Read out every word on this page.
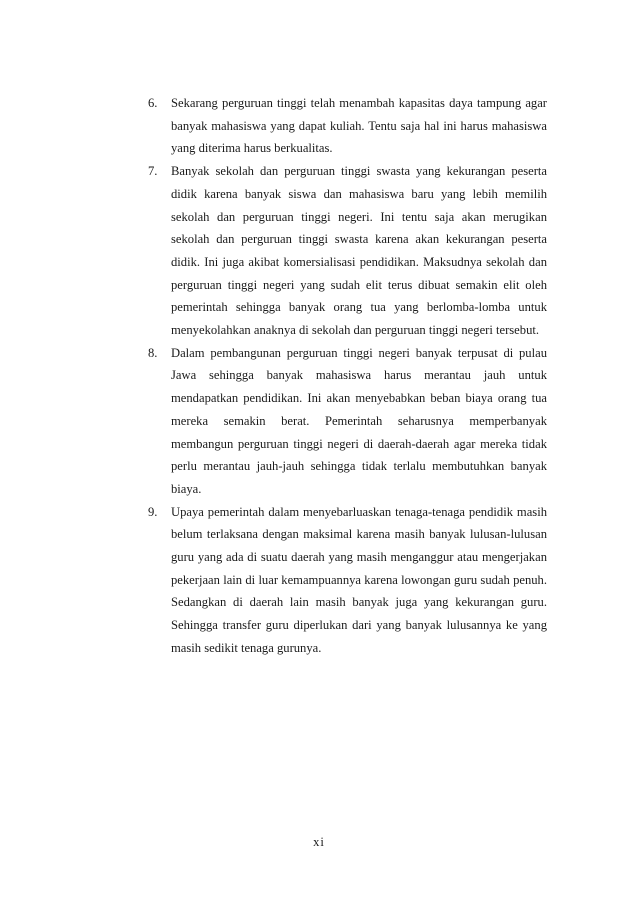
6. Sekarang perguruan tinggi telah menambah kapasitas daya tampung agar banyak mahasiswa yang dapat kuliah. Tentu saja hal ini harus mahasiswa yang diterima harus berkualitas.
7. Banyak sekolah dan perguruan tinggi swasta yang kekurangan peserta didik karena banyak siswa dan mahasiswa baru yang lebih memilih sekolah dan perguruan tinggi negeri. Ini tentu saja akan merugikan sekolah dan perguruan tinggi swasta karena akan kekurangan peserta didik. Ini juga akibat komersialisasi pendidikan. Maksudnya sekolah dan perguruan tinggi negeri yang sudah elit terus dibuat semakin elit oleh pemerintah sehingga banyak orang tua yang berlomba-lomba untuk menyekolahkan anaknya di sekolah dan perguruan tinggi negeri tersebut.
8. Dalam pembangunan perguruan tinggi negeri banyak terpusat di pulau Jawa sehingga banyak mahasiswa harus merantau jauh untuk mendapatkan pendidikan. Ini akan menyebabkan beban biaya orang tua mereka semakin berat. Pemerintah seharusnya memperbanyak membangun perguruan tinggi negeri di daerah-daerah agar mereka tidak perlu merantau jauh-jauh sehingga tidak terlalu membutuhkan banyak biaya.
9. Upaya pemerintah dalam menyebarluaskan tenaga-tenaga pendidik masih belum terlaksana dengan maksimal karena masih banyak lulusan-lulusan guru yang ada di suatu daerah yang masih menganggur atau mengerjakan pekerjaan lain di luar kemampuannya karena lowongan guru sudah penuh. Sedangkan di daerah lain masih banyak juga yang kekurangan guru. Sehingga transfer guru diperlukan dari yang banyak lulusannya ke yang masih sedikit tenaga gurunya.
xi
